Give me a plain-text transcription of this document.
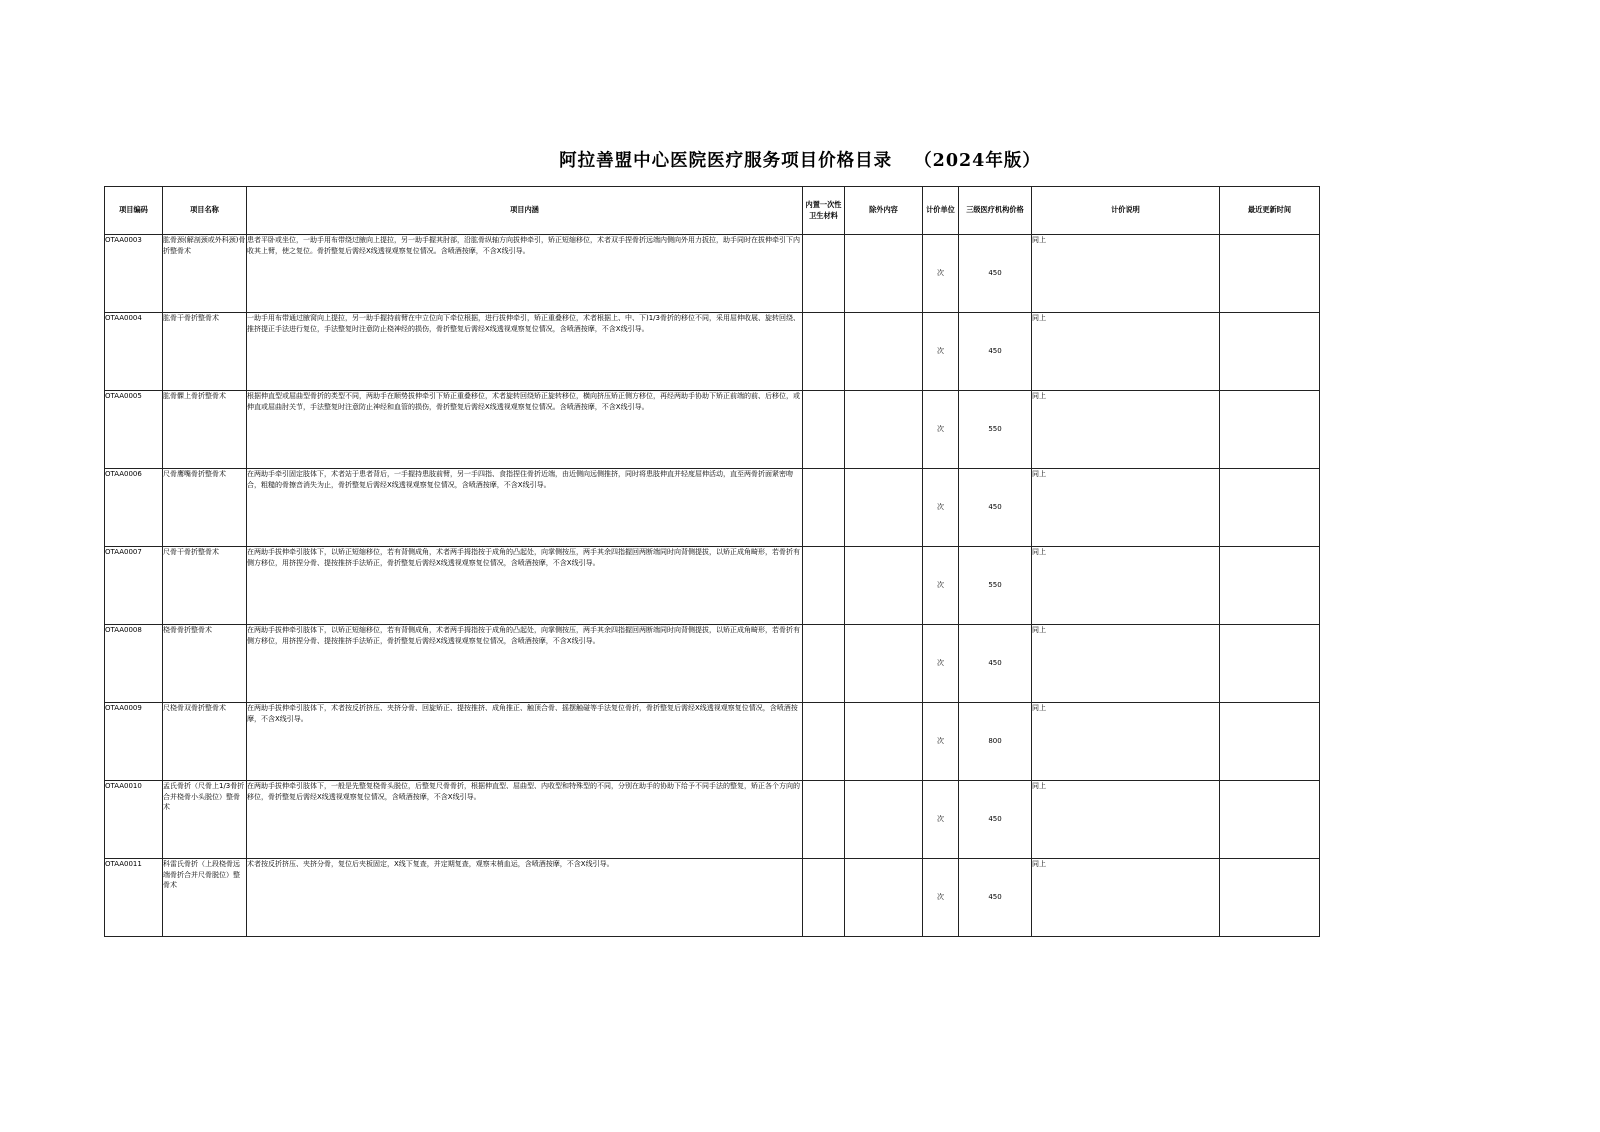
阿拉善盟中心医院医疗服务项目价格目录 （2024年版）
项目编码	项目名称	项目内涵	内置一次性卫生材料	除外内容	计价单位	三级医疗机构价格	计价说明	最近更新时间
OTAA0003	肱骨颈(解剖颈或外科颈)骨折整骨术	患者平卧或坐位，一助手用布带绕过腋向上提拉，另一助手握其肘部，沿肱骨纵轴方向拔伸牵引，矫正短缩移位，术者双手捏骨折远端内侧向外用力扳拉，助手同时在拔伸牵引下内收其上臂，使之复位。骨折整复后需经X线透视观察复位情况。含喷酒按摩，不含X线引导。			次	450	同上	
OTAA0004	肱骨干骨折整骨术	一助手用布带通过腋窝向上提拉，另一助手握持前臂在中立位向下牵位根据，进行拔伸牵引，矫正重叠移位，术者根据上、中、下)1/3骨折的移位不同，采用屈伸收展、旋转回绕、推挤提正手法进行复位，手法整复时注意防止桡神经的损伤，骨折整复后需经X线透视观察复位情况，含喷酒按摩，不含X线引导。			次	450	同上	
OTAA0005	肱骨髁上骨折整骨术	根据伸直型或屈曲型骨折的类型不同，两助手在顺势拔伸牵引下矫正重叠移位，术者旋转回绕矫正旋转移位，横向挤压矫正侧方移位，再经两助手协助下矫正前端的前、后移位，或伸直或屈曲肘关节，手法整复时注意防止神经和血管的损伤，骨折整复后需经X线透视观察复位情况。含喷酒按摩，不含X线引导。			次	550	同上	
OTAA0006	尺骨鹰嘴骨折整骨术	在两助手牵引固定肢体下，术者站于患者背后，一手握持患肢前臂，另一手四指、食指捏住骨折近端，由近侧向远侧推挤，同时将患肢伸直并轻度屈伸活动，直至两骨折面紧密吻合，粗糙的骨擦音消失为止，骨折整复后需经X线透视观察复位情况，含喷酒按摩，不含X线引导。			次	450	同上	
OTAA0007	尺骨干骨折整骨术	在两助手拔伸牵引肢体下，以矫正短缩移位，若有背侧成角，术者两手拇指按于成角的凸起处，向掌侧按压，两手其余四指握回两断端同时向背侧提拔，以矫正成角畸形，若骨折有侧方移位，用挤捏分骨、提按推挤手法矫正，骨折整复后需经X线透视观察复位情况，含喷酒按摩，不含X线引导。			次	550	同上	
OTAA0008	桡骨骨折整骨术	在两助手拔伸牵引肢体下，以矫正短缩移位，若有背侧成角，术者两手拇指按于成角的凸起处，向掌侧按压，两手其余四指握回两断端同时向背侧提拔，以矫正成角畸形，若骨折有侧方移位，用挤捏分骨、提按推挤手法矫正，骨折整复后需经X线透视观察复位情况，含喷酒按摩，不含X线引导。			次	450	同上	
OTAA0009	尺桡骨双骨折整骨术	在两助手拔伸牵引肢体下，术者按反折挤压、夹挤分骨、回旋矫正、提按推挤、成角推正、触顶合骨、摇摆触碰等手法复位骨折，骨折整复后需经X线透视观察复位情况，含喷酒按摩，不含X线引导。			次	800	同上	
OTAA0010	孟氏骨折（尺骨上1/3骨折合并桡骨小头脱位）整骨术	在两助手拔伸牵引肢体下，一般是先整复桡骨头脱位，后整复尺骨骨折，根据伸直型、屈曲型、内收型和特殊型的不同，分别在助手的协助下给予不同手法的整复，矫正各个方向的移位，骨折整复后需经X线透视观察复位情况，含喷酒按摩，不含X线引导。			次	450	同上	
OTAA0011	科雷氏骨折（上段桡骨远端骨折合并尺骨脱位）整骨术	术者按反折挤压、夹挤分骨，复位后夹板固定，X线下复查，并定期复查，观察末梢血运，含喷酒按摩，不含X线引导。			次	450	同上	
